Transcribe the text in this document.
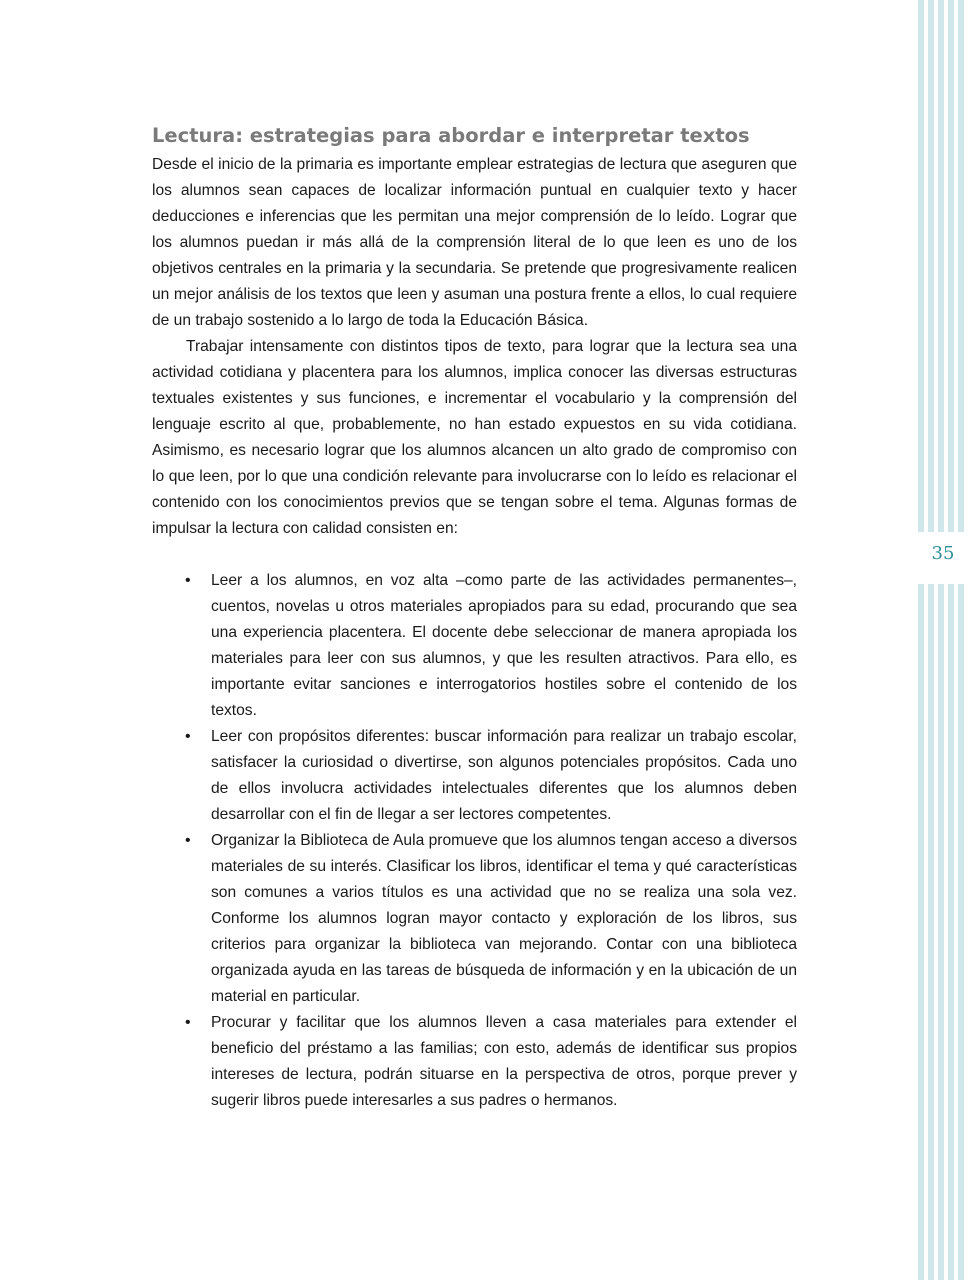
35
Lectura: estrategias para abordar e interpretar textos

Desde el inicio de la primaria es importante emplear estrategias de lectura que aseguren que los alumnos sean capaces de localizar información puntual en cualquier texto y hacer deducciones e inferencias que les permitan una mejor comprensión de lo leído. Lograr que los alumnos puedan ir más allá de la comprensión literal de lo que leen es uno de los objetivos centrales en la primaria y la secundaria. Se pretende que progresivamente realicen un mejor análisis de los textos que leen y asuman una postura frente a ellos, lo cual requiere de un trabajo sostenido a lo largo de toda la Educación Básica.

Trabajar intensamente con distintos tipos de texto, para lograr que la lectura sea una actividad cotidiana y placentera para los alumnos, implica conocer las diversas estructuras textuales existentes y sus funciones, e incrementar el vocabulario y la comprensión del lenguaje escrito al que, probablemente, no han estado expuestos en su vida cotidiana. Asimismo, es necesario lograr que los alumnos alcancen un alto grado de compromiso con lo que leen, por lo que una condición relevante para involucrarse con lo leído es relacionar el contenido con los conocimientos previos que se tengan sobre el tema. Algunas formas de impulsar la lectura con calidad consisten en:

• Leer a los alumnos, en voz alta –como parte de las actividades permanentes–, cuentos, novelas u otros materiales apropiados para su edad, procurando que sea una experiencia placentera. El docente debe seleccionar de manera apropiada los materiales para leer con sus alumnos, y que les resulten atractivos. Para ello, es importante evitar sanciones e interrogatorios hostiles sobre el contenido de los textos.
• Leer con propósitos diferentes: buscar información para realizar un trabajo escolar, satisfacer la curiosidad o divertirse, son algunos potenciales propósitos. Cada uno de ellos involucra actividades intelectuales diferentes que los alumnos deben desarrollar con el fin de llegar a ser lectores competentes.
• Organizar la Biblioteca de Aula promueve que los alumnos tengan acceso a diversos materiales de su interés. Clasificar los libros, identificar el tema y qué características son comunes a varios títulos es una actividad que no se realiza una sola vez. Conforme los alumnos logran mayor contacto y exploración de los libros, sus criterios para organizar la biblioteca van mejorando. Contar con una biblioteca organizada ayuda en las tareas de búsqueda de información y en la ubicación de un material en particular.
• Procurar y facilitar que los alumnos lleven a casa materiales para extender el beneficio del préstamo a las familias; con esto, además de identificar sus propios intereses de lectura, podrán situarse en la perspectiva de otros, porque prever y sugerir libros puede interesarles a sus padres o hermanos.
